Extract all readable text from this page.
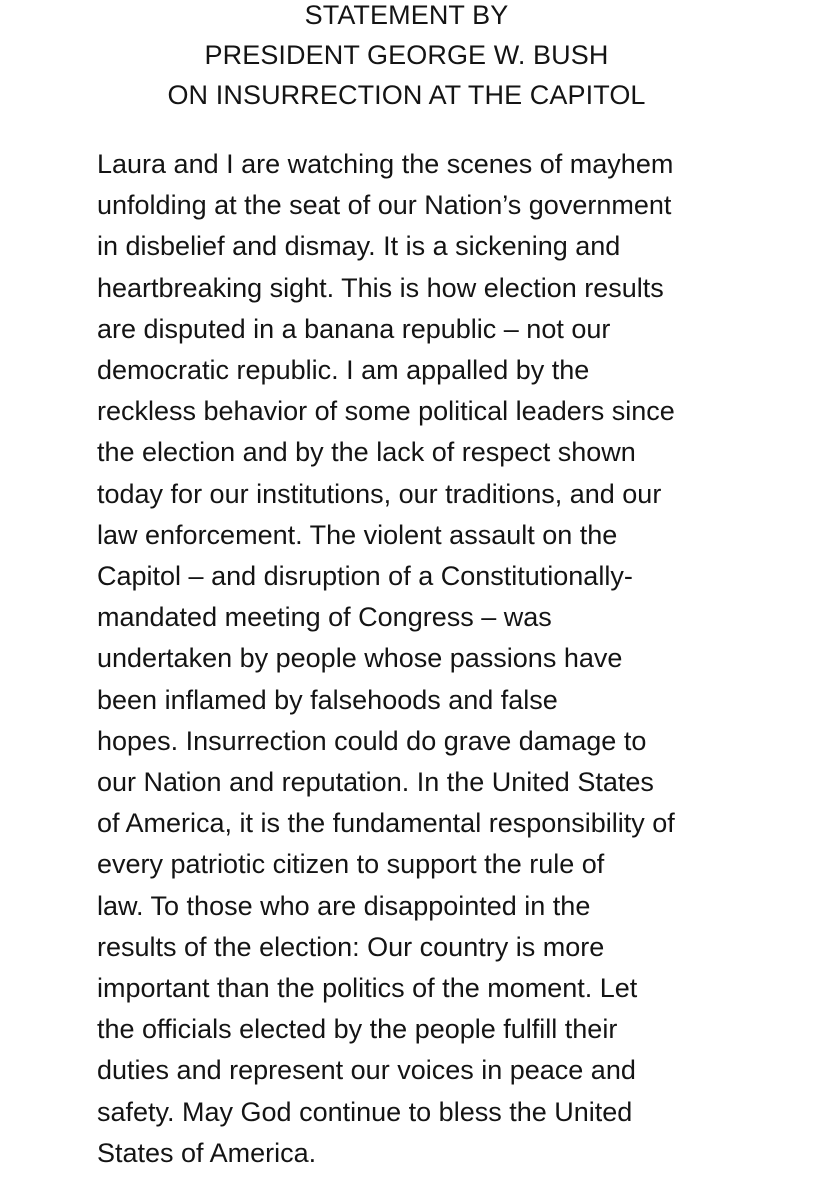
STATEMENT BY
PRESIDENT GEORGE W. BUSH
ON INSURRECTION AT THE CAPITOL
Laura and I are watching the scenes of mayhem
unfolding at the seat of our Nation’s government
in disbelief and dismay. It is a sickening and
heartbreaking sight. This is how election results
are disputed in a banana republic – not our
democratic republic. I am appalled by the
reckless behavior of some political leaders since
the election and by the lack of respect shown
today for our institutions, our traditions, and our
law enforcement. The violent assault on the
Capitol – and disruption of a Constitutionally-
mandated meeting of Congress – was
undertaken by people whose passions have
been inflamed by falsehoods and false
hopes. Insurrection could do grave damage to
our Nation and reputation. In the United States
of America, it is the fundamental responsibility of
every patriotic citizen to support the rule of
law. To those who are disappointed in the
results of the election: Our country is more
important than the politics of the moment. Let
the officials elected by the people fulfill their
duties and represent our voices in peace and
safety. May God continue to bless the United
States of America.
